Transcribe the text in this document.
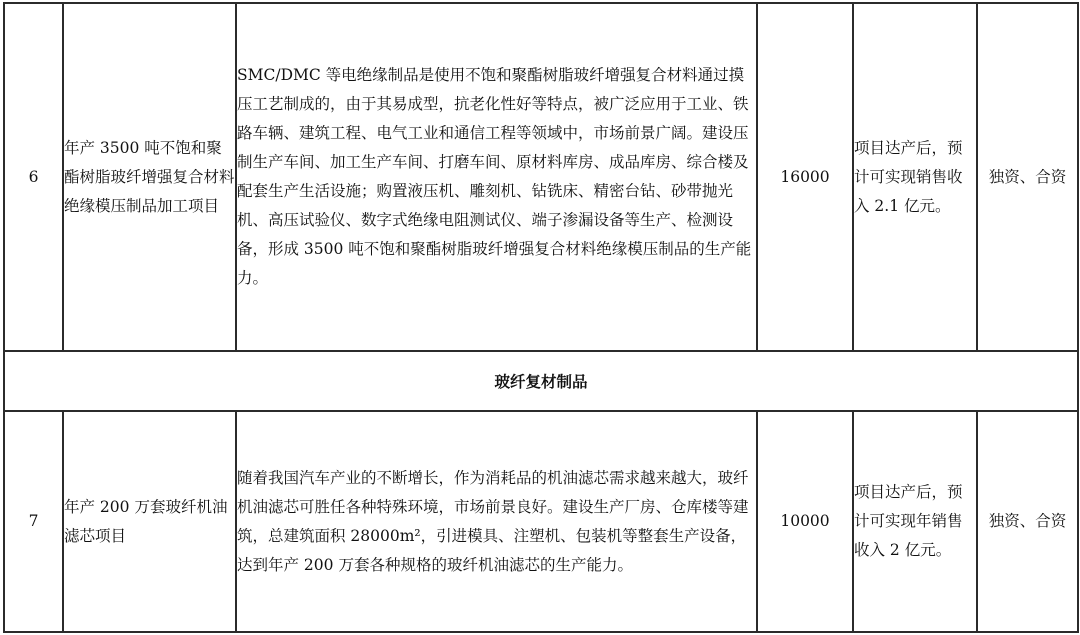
6	年产 3500 吨不饱和聚酯树脂玻纤增强复合材料绝缘模压制品加工项目	SMC/DMC 等电绝缘制品是使用不饱和聚酯树脂玻纤增强复合材料通过摸压工艺制成的，由于其易成型，抗老化性好等特点，被广泛应用于工业、铁路车辆、建筑工程、电气工业和通信工程等领域中，市场前景广阔。建设压制生产车间、加工生产车间、打磨车间、原材料库房、成品库房、综合楼及配套生产生活设施；购置液压机、雕刻机、钻铣床、精密台钻、砂带抛光机、高压试验仪、数字式绝缘电阻测试仪、端子渗漏设备等生产、检测设备，形成 3500 吨不饱和聚酯树脂玻纤增强复合材料绝缘模压制品的生产能力。	16000	项目达产后，预计可实现销售收入 2.1 亿元。	独资、合资
玻纤复材制品					
7	年产 200 万套玻纤机油滤芯项目	随着我国汽车产业的不断增长，作为消耗品的机油滤芯需求越来越大，玻纤机油滤芯可胜任各种特殊环境，市场前景良好。建设生产厂房、仓库楼等建筑，总建筑面积 28000m²，引进模具、注塑机、包装机等整套生产设备，达到年产 200 万套各种规格的玻纤机油滤芯的生产能力。	10000	项目达产后，预计可实现年销售收入 2 亿元。	独资、合资
